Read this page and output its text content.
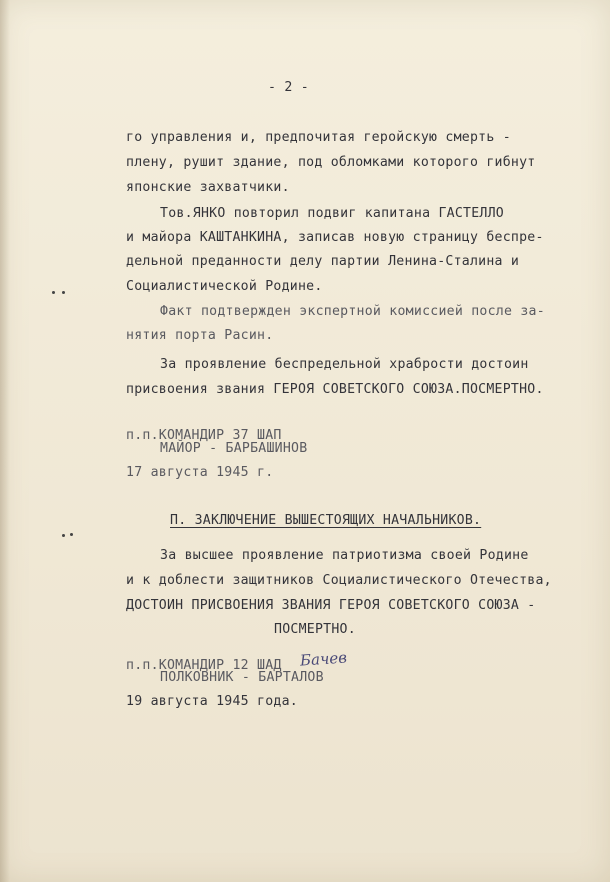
- 2 -
го управления и, предпочитая геройскую смерть -
плену, рушит здание, под обломками которого гибнут
японские захватчики.
Тов.ЯНКО повторил подвиг капитана ГАСТЕЛЛО
и майора КАШТАНКИНА, записав новую страницу беспре-
дельной преданности делу партии Ленина-Сталина и
Социалистической Родине.
Факт подтвержден экспертной комиссией после за-
нятия порта Расин.
За проявление беспредельной храбрости достоин
присвоения звания ГЕРОЯ СОВЕТСКОГО СОЮЗА.ПОСМЕРТНО.
п.п.КОМАНДИР 37 ШАП
МАЙОР - БАРБАШИНОВ
17 августа 1945 г.
П. ЗАКЛЮЧЕНИЕ ВЫШЕСТОЯЩИХ НАЧАЛЬНИКОВ.
За высшее проявление патриотизма своей Родине
и к доблести защитников Социалистического Отечества,
ДОСТОИН ПРИСВОЕНИЯ ЗВАНИЯ ГЕРОЯ СОВЕТСКОГО СОЮЗА -
ПОСМЕРТНО.
п.п.КОМАНДИР 12 ШАД Бачев
ПОЛКОВНИК - БАРТАЛОВ
19 августа 1945 года.
